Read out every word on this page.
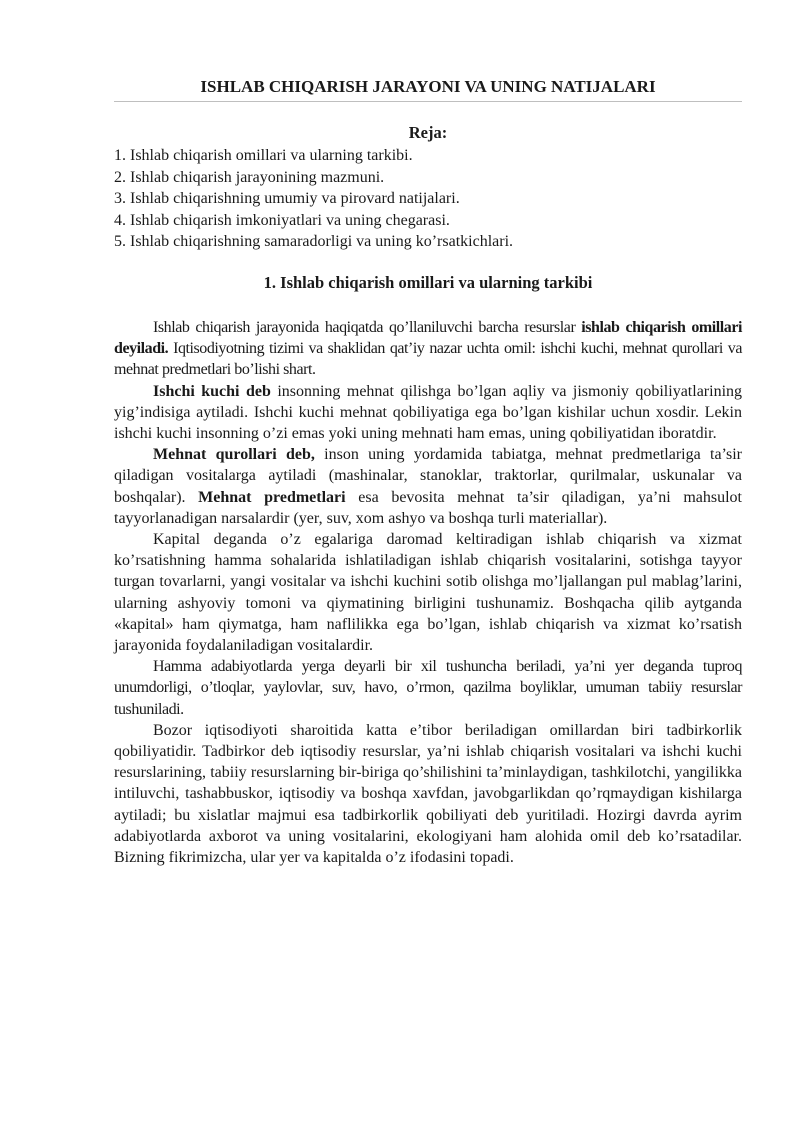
ISHLAB CHIQARISH JARAYONI VA UNING NATIJALARI
Reja:
1. Ishlab chiqarish omillari va ularning tarkibi.
2. Ishlab chiqarish jarayonining mazmuni.
3. Ishlab chiqarishning umumiy va pirovard natijalari.
4. Ishlab chiqarish imkoniyatlari va uning chegarasi.
5. Ishlab chiqarishning samaradorligi va uning ko’rsatkichlari.
1. Ishlab chiqarish omillari va ularning tarkibi

Ishlab chiqarish jarayonida haqiqatda qo’llaniluvchi barcha resurslar ishlab chiqarish omillari deyiladi. Iqtisodiyotning tizimi va shaklidan qat’iy nazar uchta omil: ishchi kuchi, mehnat qurollari va mehnat predmetlari bo’lishi shart.

Ishchi kuchi deb insonning mehnat qilishga bo’lgan aqliy va jismoniy qobiliyatlarining yig’indisiga aytiladi. Ishchi kuchi mehnat qobiliyatiga ega bo’lgan kishilar uchun xosdir. Lekin ishchi kuchi insonning o’zi emas yoki uning mehnati ham emas, uning qobiliyatidan iboratdir.

Mehnat qurollari deb, inson uning yordamida tabiatga, mehnat predmetlariga ta’sir qiladigan vositalarga aytiladi (mashinalar, stanoklar, traktorlar, qurilmalar, uskunalar va boshqalar). Mehnat predmetlari esa bevosita mehnat ta’sir qiladigan, ya’ni mahsulot tayyorlanadigan narsalardir (yer, suv, xom ashyo va boshqa turli materiallar).

Kapital deganda o’z egalariga daromad keltiradigan ishlab chiqarish va xizmat ko’rsatishning hamma sohalarida ishlatiladigan ishlab chiqarish vositalarini, sotishga tayyor turgan tovarlarni, yangi vositalar va ishchi kuchini sotib olishga mo’ljallangan pul mablag’larini, ularning ashyoviy tomoni va qiymatining birligini tushunamiz. Boshqacha qilib aytganda «kapital» ham qiymatga, ham naflilikka ega bo’lgan, ishlab chiqarish va xizmat ko’rsatish jarayonida foydalaniladigan vositalardir.

Hamma adabiyotlarda yerga deyarli bir xil tushuncha beriladi, ya’ni yer deganda tuproq unumdorligi, o’tloqlar, yaylovlar, suv, havo, o’rmon, qazilma boyliklar, umuman tabiiy resurslar tushuniladi.

Bozor iqtisodiyoti sharoitida katta e’tibor beriladigan omillardan biri tadbirkorlik qobiliyatidir. Tadbirkor deb iqtisodiy resurslar, ya’ni ishlab chiqarish vositalari va ishchi kuchi resurslarining, tabiiy resurslarning bir-biriga qo’shilishini ta’minlaydigan, tashkilotchi, yangilikka intiluvchi, tashabbuskor, iqtisodiy va boshqa xavfdan, javobgarlikdan qo’rqmaydigan kishilarga aytiladi; bu xislatlar majmui esa tadbirkorlik qobiliyati deb yuritiladi. Hozirgi davrda ayrim adabiyotlarda axborot va uning vositalarini, ekologiyani ham alohida omil deb ko’rsatadilar. Bizning fikrimizcha, ular yer va kapitalda o’z ifodasini topadi.
